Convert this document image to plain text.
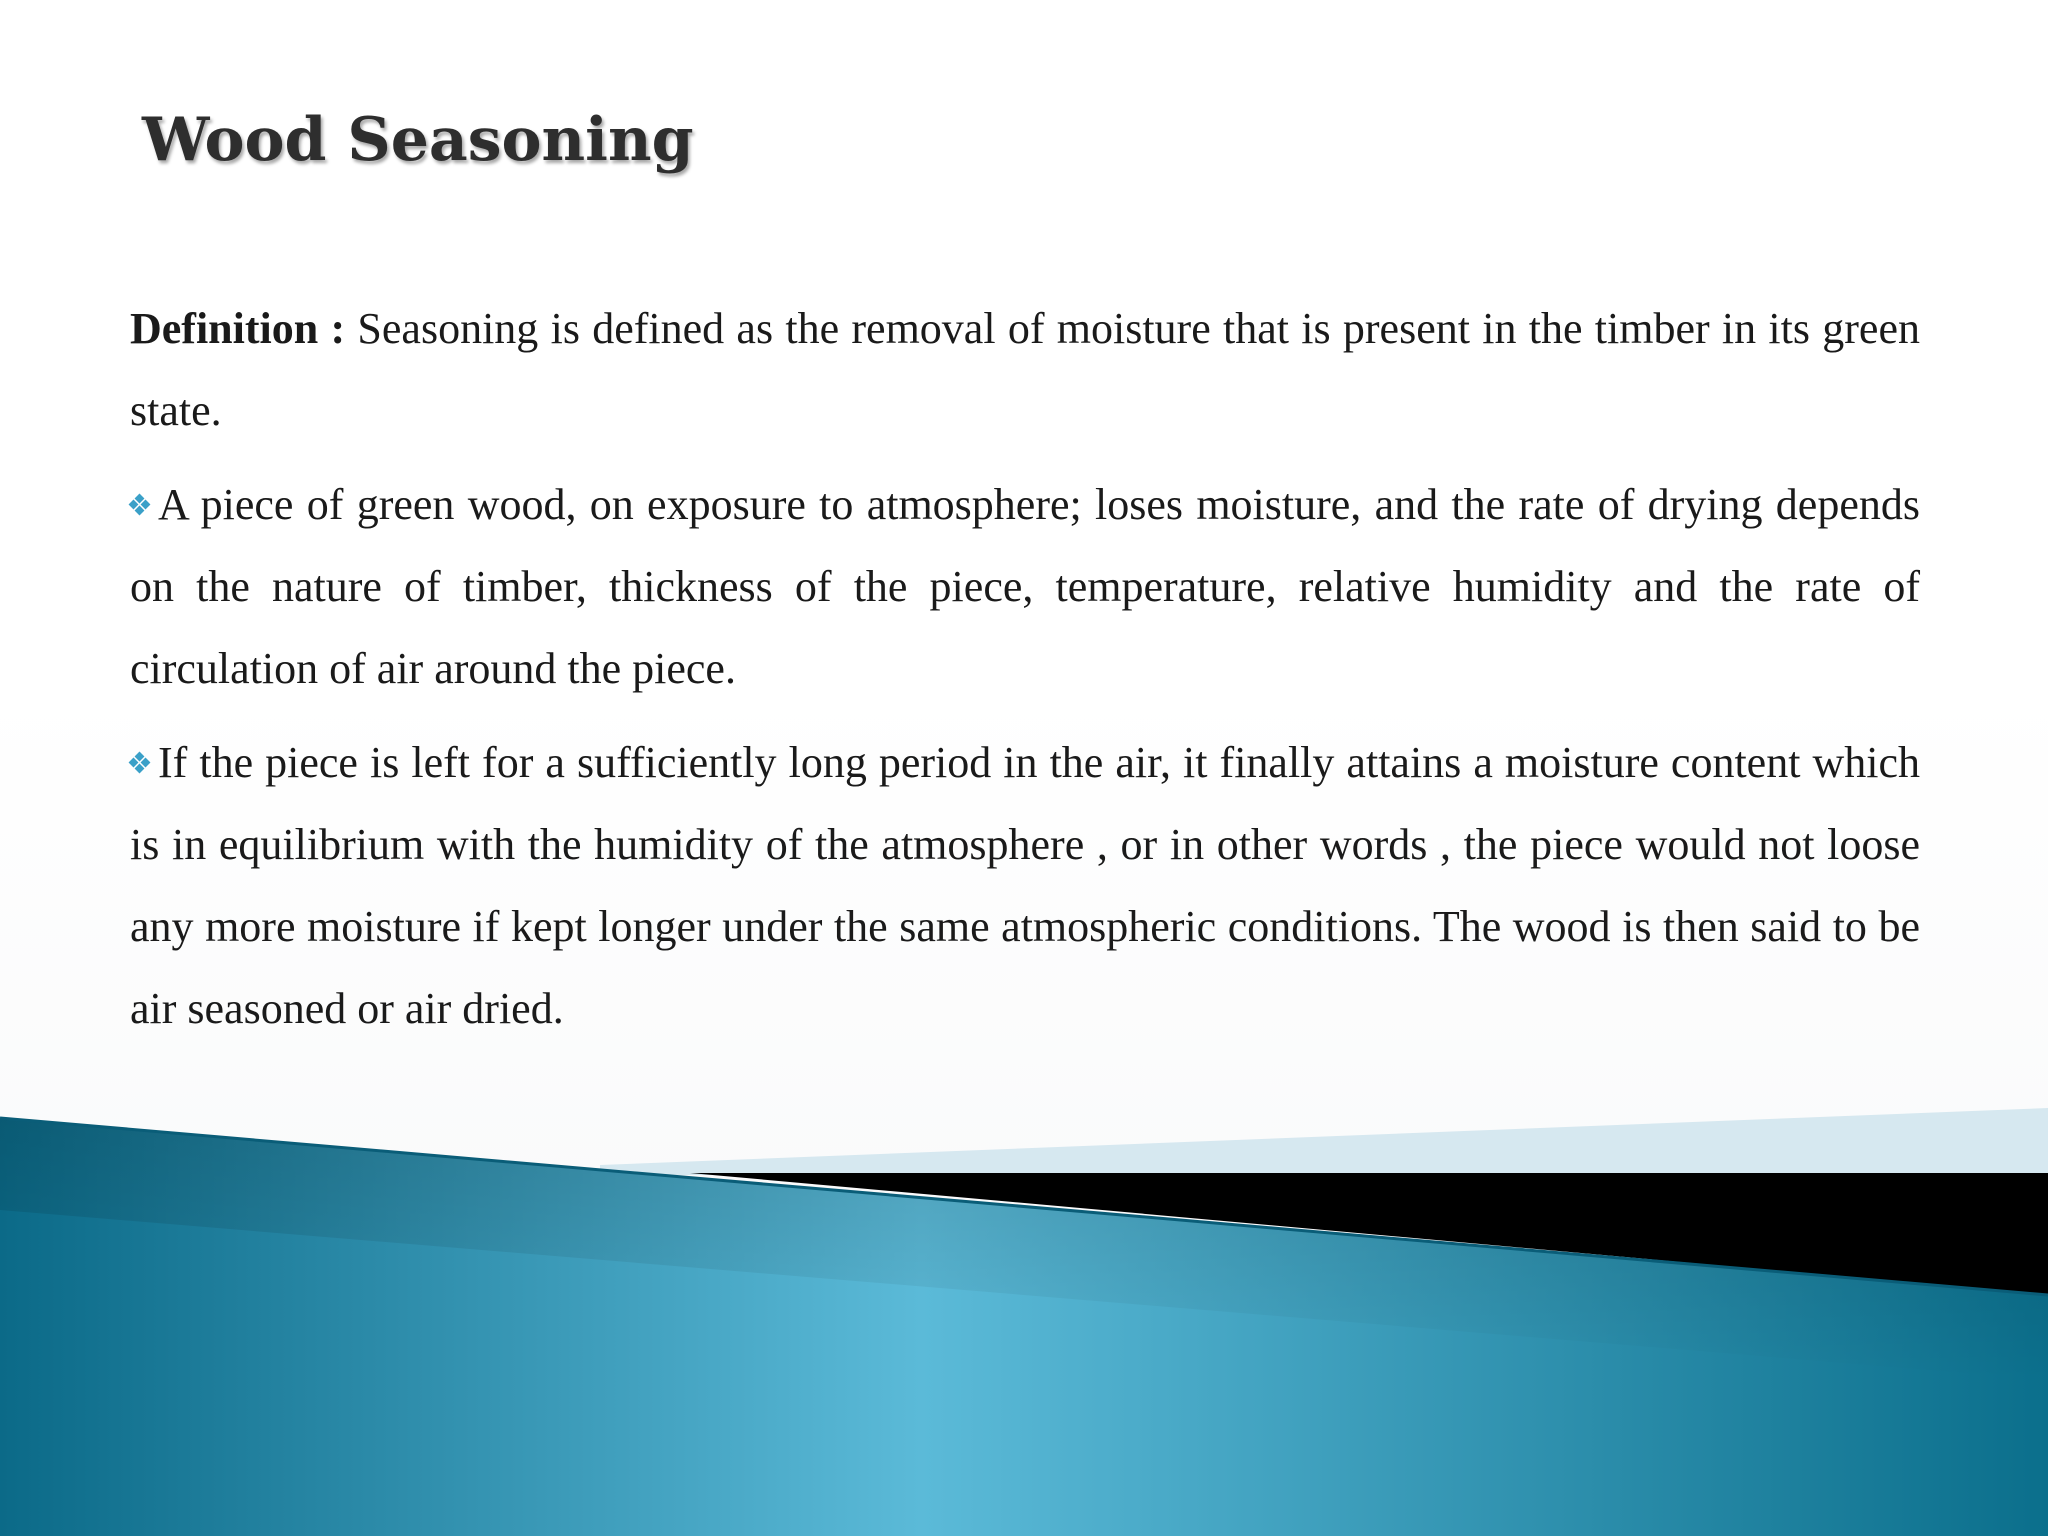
Wood Seasoning

Definition : Seasoning is defined as the removal of moisture that is present in the timber in its green state.

A piece of green wood, on exposure to atmosphere; loses moisture, and the rate of drying depends on the nature of timber, thickness of the piece, temperature, relative humidity and the rate of circulation of air around the piece.

If the piece is left for a sufficiently long period in the air, it finally attains a moisture content which is in equilibrium with the humidity of the atmosphere , or in other words , the piece would not loose any more moisture if kept longer under the same atmospheric conditions. The wood is then said to be air seasoned or air dried.
